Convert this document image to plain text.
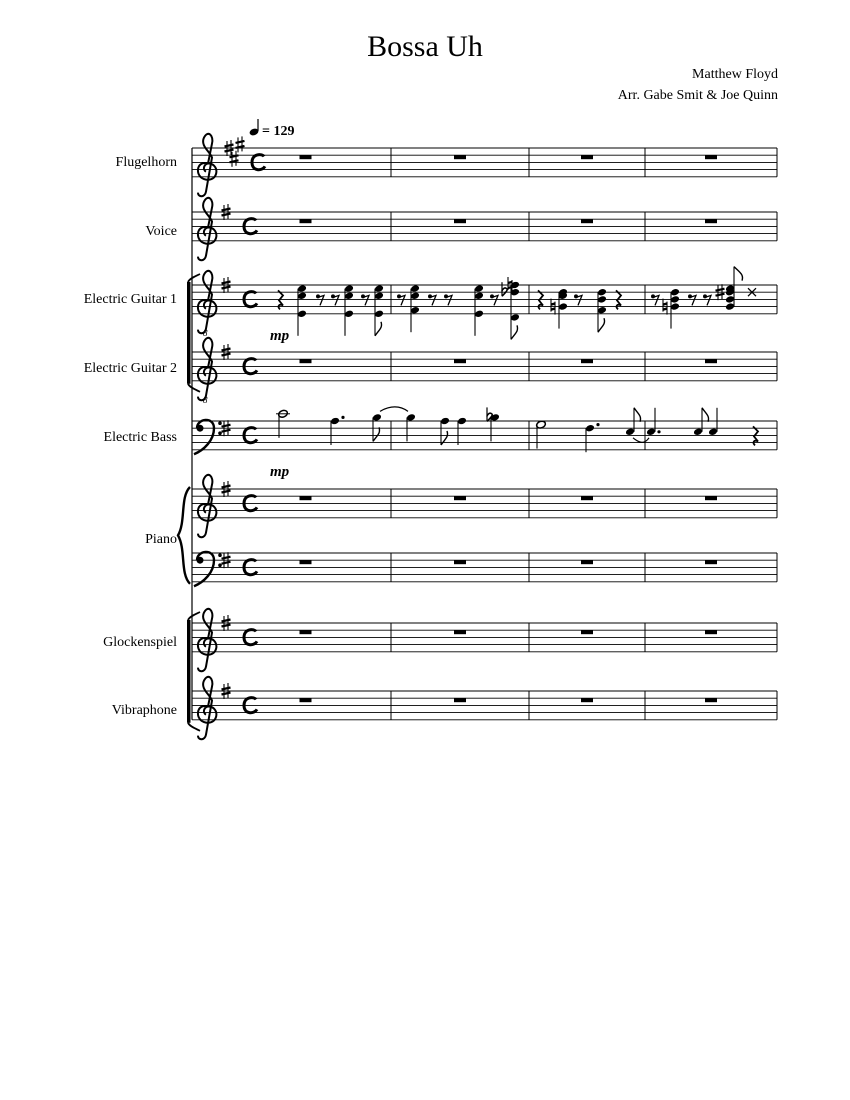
Bossa Uh
Matthew Floyd
Arr. Gabe Smit & Joe Quinn
8
8
Flugelhorn
Voice
Electric Guitar 1
Electric Guitar 2
Electric Bass
Piano
Glockenspiel
Vibraphone
= 129
mp
mp
